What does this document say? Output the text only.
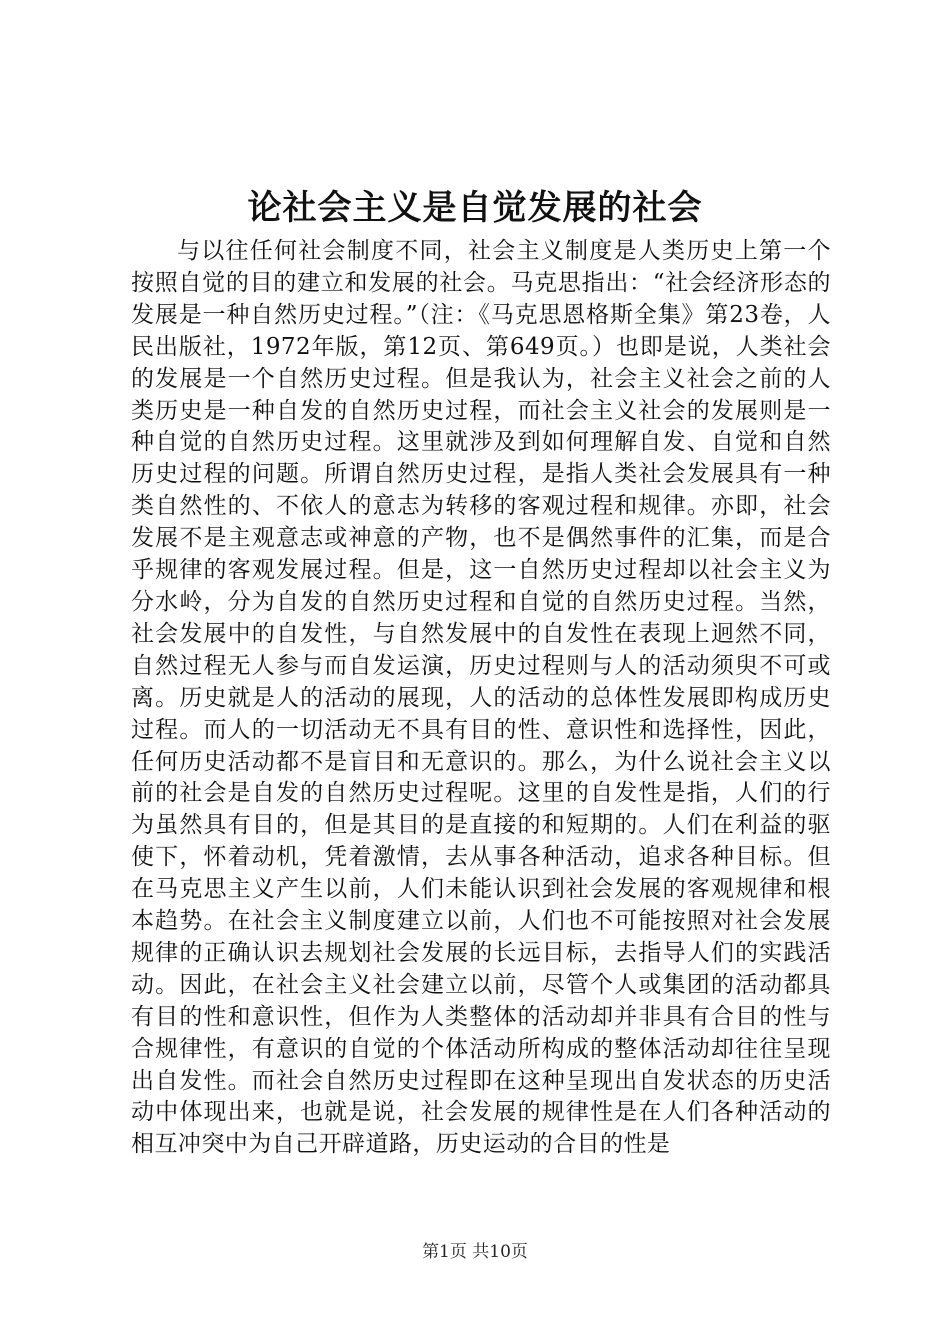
论社会主义是自觉发展的社会

与以往任何社会制度不同，社会主义制度是人类历史上第一个按照自觉的目的建立和发展的社会。马克思指出：“社会经济形态的发展是一种自然历史过程。”（注：《马克思恩格斯全集》第23卷，人民出版社，1972年版，第12页、第649页。）也即是说，人类社会的发展是一个自然历史过程。但是我认为，社会主义社会之前的人类历史是一种自发的自然历史过程，而社会主义社会的发展则是一种自觉的自然历史过程。这里就涉及到如何理解自发、自觉和自然历史过程的问题。所谓自然历史过程，是指人类社会发展具有一种类自然性的、不依人的意志为转移的客观过程和规律。亦即，社会发展不是主观意志或神意的产物，也不是偶然事件的汇集，而是合乎规律的客观发展过程。但是，这一自然历史过程却以社会主义为分水岭，分为自发的自然历史过程和自觉的自然历史过程。当然，社会发展中的自发性，与自然发展中的自发性在表现上迥然不同，自然过程无人参与而自发运演，历史过程则与人的活动须臾不可或离。历史就是人的活动的展现，人的活动的总体性发展即构成历史过程。而人的一切活动无不具有目的性、意识性和选择性，因此，任何历史活动都不是盲目和无意识的。那么，为什么说社会主义以前的社会是自发的自然历史过程呢。这里的自发性是指，人们的行为虽然具有目的，但是其目的是直接的和短期的。人们在利益的驱使下，怀着动机，凭着激情，去从事各种活动，追求各种目标。但在马克思主义产生以前，人们未能认识到社会发展的客观规律和根本趋势。在社会主义制度建立以前，人们也不可能按照对社会发展规律的正确认识去规划社会发展的长远目标，去指导人们的实践活动。因此，在社会主义社会建立以前，尽管个人或集团的活动都具有目的性和意识性，但作为人类整体的活动却并非具有合目的性与合规律性，有意识的自觉的个体活动所构成的整体活动却往往呈现出自发性。而社会自然历史过程即在这种呈现出自发状态的历史活动中体现出来，也就是说，社会发展的规律性是在人们各种活动的相互冲突中为自己开辟道路，历史运动的合目的性是

第1页 共10页
